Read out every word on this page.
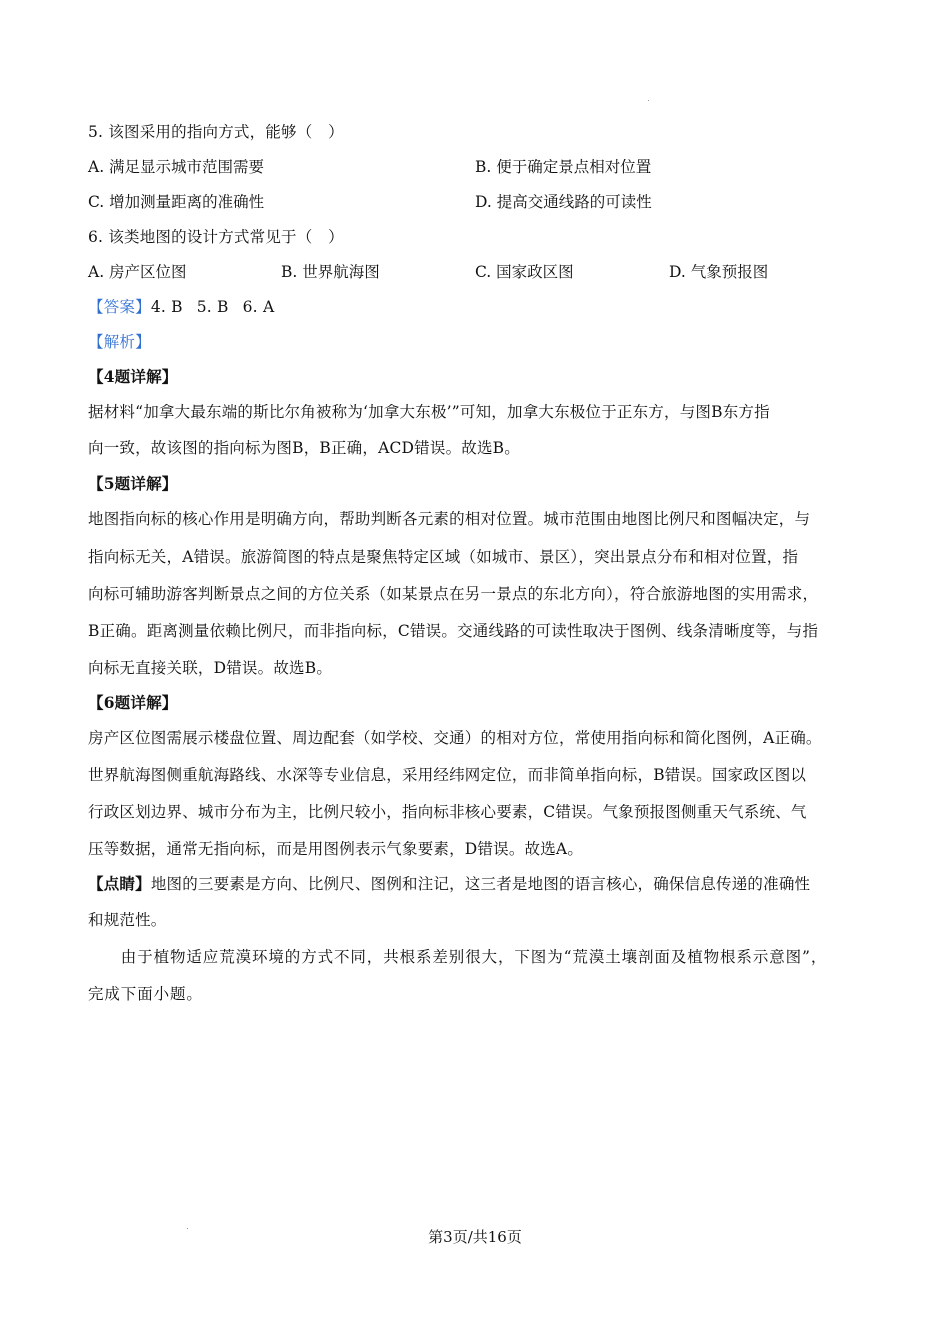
5. 该图采用的指向方式，能够（　）
A. 满足显示城市范围需要	B. 便于确定景点相对位置
C. 增加测量距离的准确性	D. 提高交通线路的可读性
6. 该类地图的设计方式常见于（　）
A. 房产区位图	B. 世界航海图	C. 国家政区图	D. 气象预报图
【答案】4. B 5. B 6. A
【解析】
【4题详解】
据材料“加拿大最东端的斯比尔角被称为‘加拿大东极’”可知，加拿大东极位于正东方，与图B东方指
向一致，故该图的指向标为图B，B正确，ACD错误。故选B。
【5题详解】
地图指向标的核心作用是明确方向，帮助判断各元素的相对位置。城市范围由地图比例尺和图幅决定，与
指向标无关，A错误。旅游简图的特点是聚焦特定区域（如城市、景区），突出景点分布和相对位置，指
向标可辅助游客判断景点之间的方位关系（如某景点在另一景点的东北方向），符合旅游地图的实用需求，
B正确。距离测量依赖比例尺，而非指向标，C错误。交通线路的可读性取决于图例、线条清晰度等，与指
向标无直接关联，D错误。故选B。
【6题详解】
房产区位图需展示楼盘位置、周边配套（如学校、交通）的相对方位，常使用指向标和简化图例，A正确。
世界航海图侧重航海路线、水深等专业信息，采用经纬网定位，而非简单指向标，B错误。国家政区图以
行政区划边界、城市分布为主，比例尺较小，指向标非核心要素，C错误。气象预报图侧重天气系统、气
压等数据，通常无指向标，而是用图例表示气象要素，D错误。故选A。
【点睛】地图的三要素是方向、比例尺、图例和注记，这三者是地图的语言核心，确保信息传递的准确性
和规范性。
　　由于植物适应荒漠环境的方式不同，共根系差别很大，下图为“荒漠土壤剖面及植物根系示意图”，
完成下面小题。
第3页/共16页
